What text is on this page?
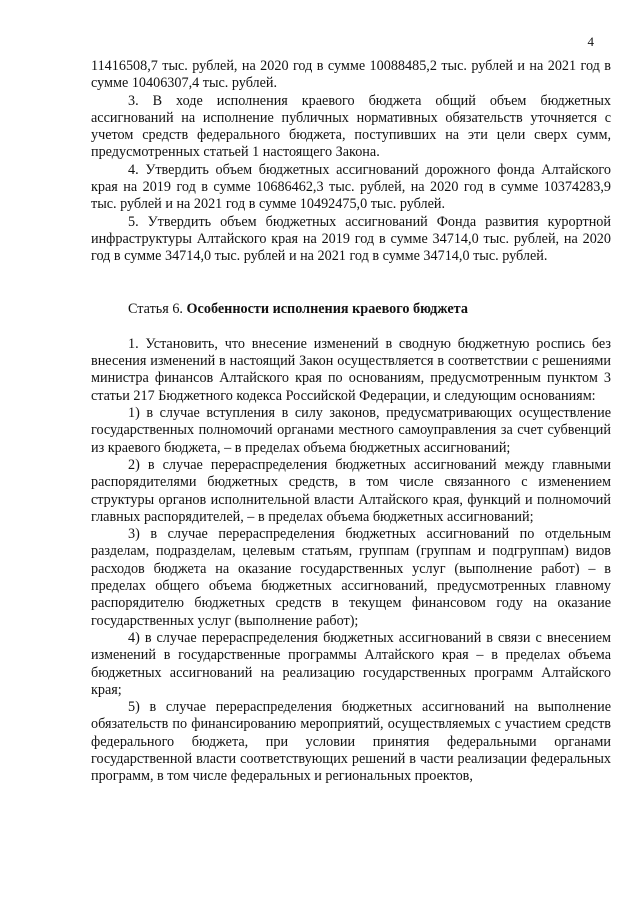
4

11416508,7 тыс. рублей, на 2020 год в сумме 10088485,2 тыс. рублей и на 2021 год в сумме 10406307,4 тыс. рублей.

3. В ходе исполнения краевого бюджета общий объем бюджетных ассигнований на исполнение публичных нормативных обязательств уточняется с учетом средств федерального бюджета, поступивших на эти цели сверх сумм, предусмотренных статьей 1 настоящего Закона.

4. Утвердить объем бюджетных ассигнований дорожного фонда Алтайского края на 2019 год в сумме 10686462,3 тыс. рублей, на 2020 год в сумме 10374283,9 тыс. рублей и на 2021 год в сумме 10492475,0 тыс. рублей.

5. Утвердить объем бюджетных ассигнований Фонда развития курортной инфраструктуры Алтайского края на 2019 год в сумме 34714,0 тыс. рублей, на 2020 год в сумме 34714,0 тыс. рублей и на 2021 год в сумме 34714,0 тыс. рублей.

Статья 6. Особенности исполнения краевого бюджета

1. Установить, что внесение изменений в сводную бюджетную роспись без внесения изменений в настоящий Закон осуществляется в соответствии с решениями министра финансов Алтайского края по основаниям, предусмотренным пунктом 3 статьи 217 Бюджетного кодекса Российской Федерации, и следующим основаниям:

1) в случае вступления в силу законов, предусматривающих осуществление государственных полномочий органами местного самоуправления за счет субвенций из краевого бюджета, – в пределах объема бюджетных ассигнований;

2) в случае перераспределения бюджетных ассигнований между главными распорядителями бюджетных средств, в том числе связанного с изменением структуры органов исполнительной власти Алтайского края, функций и полномочий главных распорядителей, – в пределах объема бюджетных ассигнований;

3) в случае перераспределения бюджетных ассигнований по отдельным разделам, подразделам, целевым статьям, группам (группам и подгруппам) видов расходов бюджета на оказание государственных услуг (выполнение работ) – в пределах общего объема бюджетных ассигнований, предусмотренных главному распорядителю бюджетных средств в текущем финансовом году на оказание государственных услуг (выполнение работ);

4) в случае перераспределения бюджетных ассигнований в связи с внесением изменений в государственные программы Алтайского края – в пределах объема бюджетных ассигнований на реализацию государственных программ Алтайского края;

5) в случае перераспределения бюджетных ассигнований на выполнение обязательств по финансированию мероприятий, осуществляемых с участием средств федерального бюджета, при условии принятия федеральными органами государственной власти соответствующих решений в части реализации федеральных программ, в том числе федеральных и региональных проектов,
